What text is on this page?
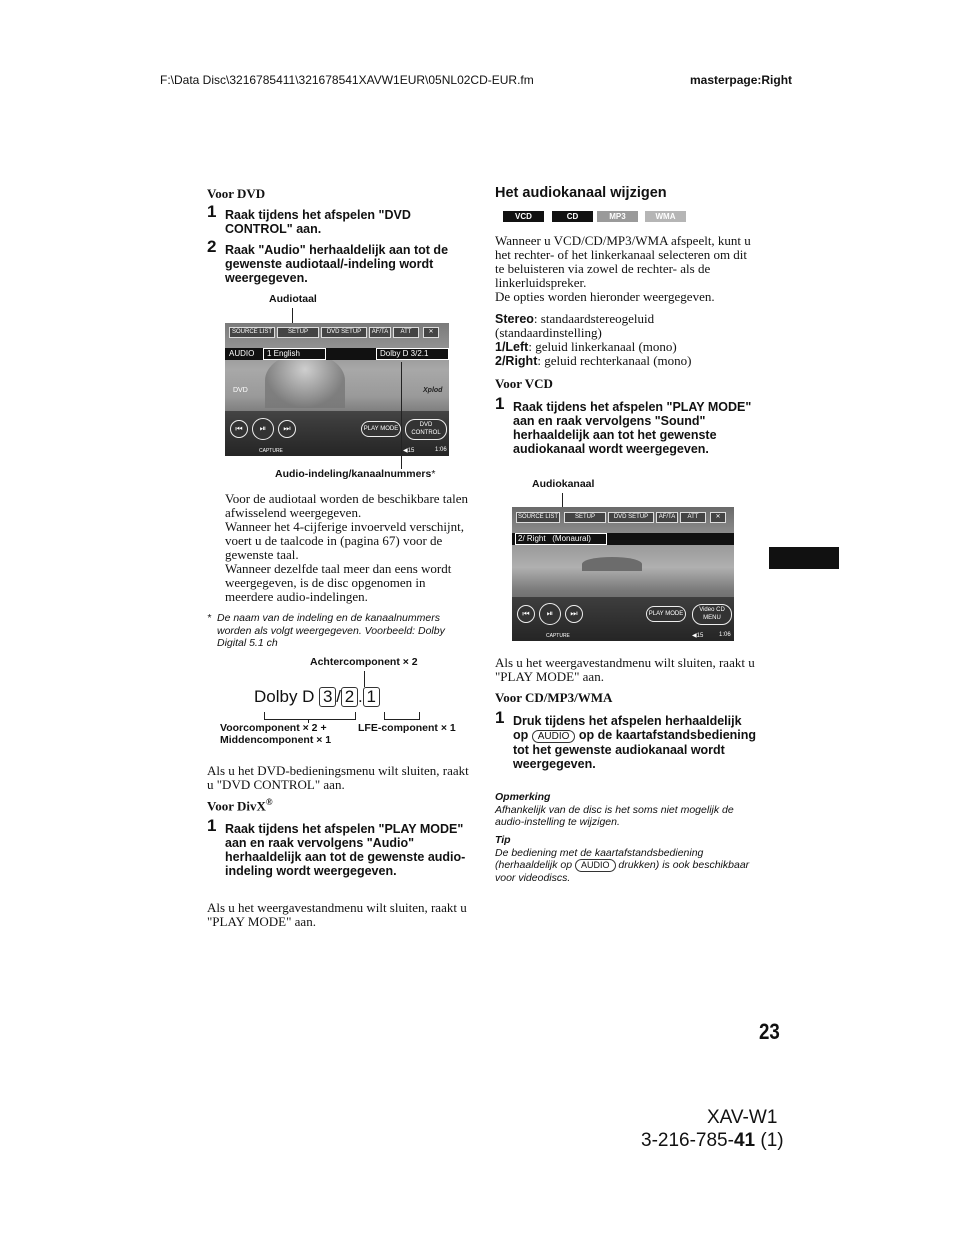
F:\Data Disc\3216785411\321678541XAVW1EUR\05NL02CD-EUR.fm	masterpage:Right
Voor DVD
1 Raak tijdens het afspelen "DVD CONTROL" aan.
2 Raak "Audio" herhaaldelijk aan tot de gewenste audiotaal/-indeling wordt weergegeven.
Audiotaal
SOURCE LIST	SETUP	DVD SETUP	AF/TA	ATT	✕
AUDIO	1 English	Dolby D 3/2.1
DVD	Xplod
⏮	⏯	⏭	PLAY MODE
DVD CONTROL
CAPTURE	◀15	1:06
Audio-indeling/kanaalnummers*
Voor de audiotaal worden de beschikbare talen afwisselend weergegeven.
Wanneer het 4-cijferige invoerveld verschijnt, voert u de taalcode in (pagina 67) voor de gewenste taal.
Wanneer dezelfde taal meer dan eens wordt weergegeven, is de disc opgenomen in meerdere audio-indelingen.
* De naam van de indeling en de kanaalnummers worden als volgt weergegeven. Voorbeeld: Dolby Digital 5.1 ch
Achtercomponent × 2
Dolby D 3 / 2 . 1
Voorcomponent × 2 +
Middencomponent × 1
LFE-component × 1
Als u het DVD-bedieningsmenu wilt sluiten, raakt u "DVD CONTROL" aan.
Voor DivX®
1 Raak tijdens het afspelen "PLAY MODE" aan en raak vervolgens "Audio" herhaaldelijk aan tot de gewenste audio-indeling wordt weergegeven.
Als u het weergavestandmenu wilt sluiten, raakt u "PLAY MODE" aan.
Het audiokanaal wijzigen
VCD	CD	MP3	WMA
Wanneer u VCD/CD/MP3/WMA afspeelt, kunt u het rechter- of het linkerkanaal selecteren om dit te beluisteren via zowel de rechter- als de linkerluidspreker.
De opties worden hieronder weergegeven.
Stereo: standaardstereogeluid (standaardinstelling)
1/Left: geluid linkerkanaal (mono)
2/Right: geluid rechterkanaal (mono)
Voor VCD
1 Raak tijdens het afspelen "PLAY MODE" aan en raak vervolgens "Sound" herhaaldelijk aan tot het gewenste audiokanaal wordt weergegeven.
Audiokanaal
SOURCE LIST	SETUP	DVD SETUP	AF/TA	ATT	✕
2/ Right   (Monaural)
⏮	⏯	⏭	PLAY MODE
Video CD MENU
CAPTURE	◀15	1:06
Als u het weergavestandmenu wilt sluiten, raakt u "PLAY MODE" aan.
Voor CD/MP3/WMA
1 Druk tijdens het afspelen herhaaldelijk op AUDIO op de kaartafstandsbediening tot het gewenste audiokanaal wordt weergegeven.
Opmerking
Afhankelijk van de disc is het soms niet mogelijk de audio-instelling te wijzigen.
Tip
De bediening met de kaartafstandsbediening (herhaaldelijk op AUDIO drukken) is ook beschikbaar voor videodiscs.
23
XAV-W1
3-216-785-41 (1)
